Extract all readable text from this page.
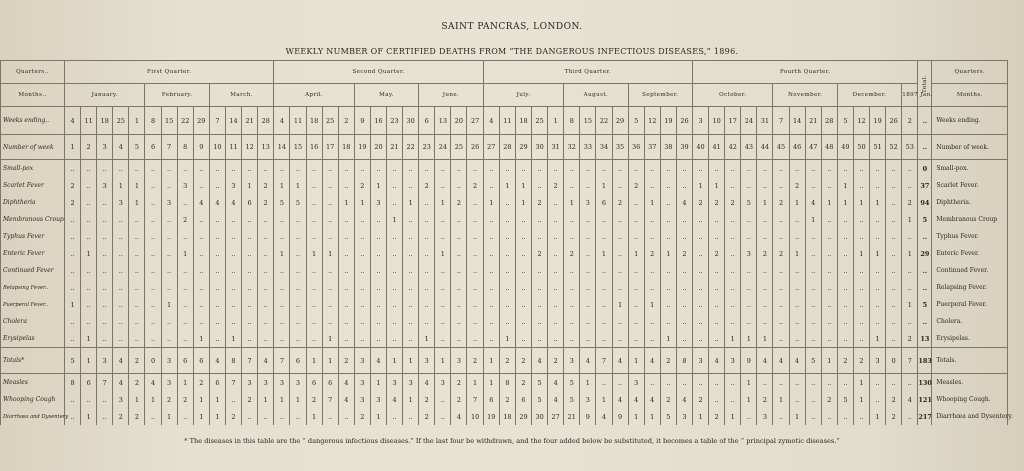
SAINT PANCRAS, LONDON.
WEEKLY NUMBER OF CERTIFIED DEATHS FROM “THE DANGEROUS INFECTIOUS DISEASES,” 1896.
Quarters..	First Quarter.													Second Quarter.													Third Quarter.													Fourth Quarter.														Total.	Quarters.
Months..	January.					February.				March.				April.					May.				June.				July.					August.				September.				October.					November.				December.				1897 Jan.		Months.
Weeks ending..	4	11	18	25	1	8	15	22	29	7	14	21	28	4	11	18	25	2	9	16	23	30	6	13	20	27	4	11	18	25	1	8	15	22	29	5	12	19	26	3	10	17	24	31	7	14	21	28	5	12	19	26	2	..	Weeks ending.
Number of week	1	2	3	4	5	6	7	8	9	10	11	12	13	14	15	16	17	18	19	20	21	22	23	24	25	26	27	28	29	30	31	32	33	34	35	36	37	38	39	40	41	42	43	44	45	46	47	48	49	50	51	52	53	..	Number of week.
Small-pox	..	..	..	..	..	..	..	..	..	..	..	..	..	..	..	..	..	..	..	..	..	..	..	..	..	..	..	..	..	..	..	..	..	..	..	..	..	..	..	..	..	..	..	..	..	..	..	..	..	..	..	..	..	0	Small-pox.
Scarlet Fever	2	..	3	1	1	..	..	3	..	..	3	1	2	1	1	..	..	..	2	1	..	..	2	..	..	2	..	1	1	..	2	..	..	1	..	2	..	..	..	1	1	..	..	..	..	2	..	..	1	..	..	..	..	37	Scarlet Fever.
Diphtheria	2	..	..	3	1	..	3	..	4	4	4	6	2	5	5	..	..	1	1	3	..	1	..	1	2	..	1	..	1	2	..	1	3	6	2	..	1	..	4	2	2	2	5	1	2	1	4	1	1	1	1	..	2	94	Diphtheria.
Membranous Croup	..	..	..	..	..	..	..	2	..	..	..	..	..	..	..	..	..	..	..	..	1	..	..	..	..	..	..	..	..	..	..	..	..	..	..	..	..	..	..	..	..	..	..	..	..	..	1	..	..	..	..	..	1	5	Membranous Croup
Typhus Fever	..	..	..	..	..	..	..	..	..	..	..	..	..	..	..	..	..	..	..	..	..	..	..	..	..	..	..	..	..	..	..	..	..	..	..	..	..	..	..	..	..	..	..	..	..	..	..	..	..	..	..	..	..	..	Typhus Fever.
Enteric Fever	..	1	..	..	..	..	..	1	..	..	..	..	..	1	..	1	1	..	..	..	..	..	..	1	..	..	..	..	..	2	..	2	..	1	..	1	2	1	2	..	2	..	3	2	2	1	..	..	..	1	1	..	1	29	Enteric Fever.
Continued Fever	..	..	..	..	..	..	..	..	..	..	..	..	..	..	..	..	..	..	..	..	..	..	..	..	..	..	..	..	..	..	..	..	..	..	..	..	..	..	..	..	..	..	..	..	..	..	..	..	..	..	..	..	..	..	Continued Fever.
Relapsing Fever..	..	..	..	..	..	..	..	..	..	..	..	..	..	..	..	..	..	..	..	..	..	..	..	..	..	..	..	..	..	..	..	..	..	..	..	..	..	..	..	..	..	..	..	..	..	..	..	..	..	..	..	..	..	..	Relapsing Fever.
Puerperal Fever..	1	..	..	..	..	..	1	..	..	..	..	..	..	..	..	..	..	..	..	..	..	..	..	..	..	..	..	..	..	..	..	..	..	..	1	..	1	..	..	..	..	..	..	..	..	..	..	..	..	..	..	..	1	5	Puerperal Fever.
Cholera	..	..	..	..	..	..	..	..	..	..	..	..	..	..	..	..	..	..	..	..	..	..	..	..	..	..	..	..	..	..	..	..	..	..	..	..	..	..	..	..	..	..	..	..	..	..	..	..	..	..	..	..	..	..	Cholera.
Erysipelas	..	1	..	..	..	..	..	..	1	..	1	..	..	..	..	..	1	..	..	..	..	..	1	..	..	..	..	1	..	..	..	..	..	..	..	..	..	1	..	..	..	1	1	1	..	..	..	..	..	..	1	..	2	13	Erysipelas.
Totals*	5	1	3	4	2	0	3	6	6	4	8	7	4	7	6	1	1	2	3	4	1	1	3	1	3	2	1	2	2	4	2	3	4	7	4	1	4	2	8	3	4	3	9	4	4	4	5	1	2	2	3	0	7	183	Totals.
Measles	8	6	7	4	2	4	3	1	2	6	7	3	3	3	3	6	6	4	3	1	3	3	4	3	2	1	1	8	2	5	4	5	1	..	..	3	..	..	..	..	..	..	1	..	..	..	..	..	..	1	..	..	..	130	Measles.
Whooping Cough	..	..	..	3	1	1	2	2	1	1	..	2	1	1	1	2	7	4	3	3	4	1	2	..	2	7	6	2	6	5	4	5	3	1	4	4	4	2	4	2	..	..	1	2	1	..	..	2	5	1	..	2	4	121	Whooping Cough.
Diarrhœa and Dysentery	..	1	..	2	2	..	1	..	1	1	2	..	..	..	..	1	..	..	2	1	..	..	2	..	4	10	19	18	29	30	27	21	9	4	9	1	1	5	3	1	2	1	..	3	..	1	..	..	..	..	1	2	..	217	Diarrhœa and Dysentery.
* The diseases in this table are the “ dangerous infectious diseases.” If the last four be withdrawn, and the four added below be substituted, it becomes a table of the “ principal zymotic diseases.”
